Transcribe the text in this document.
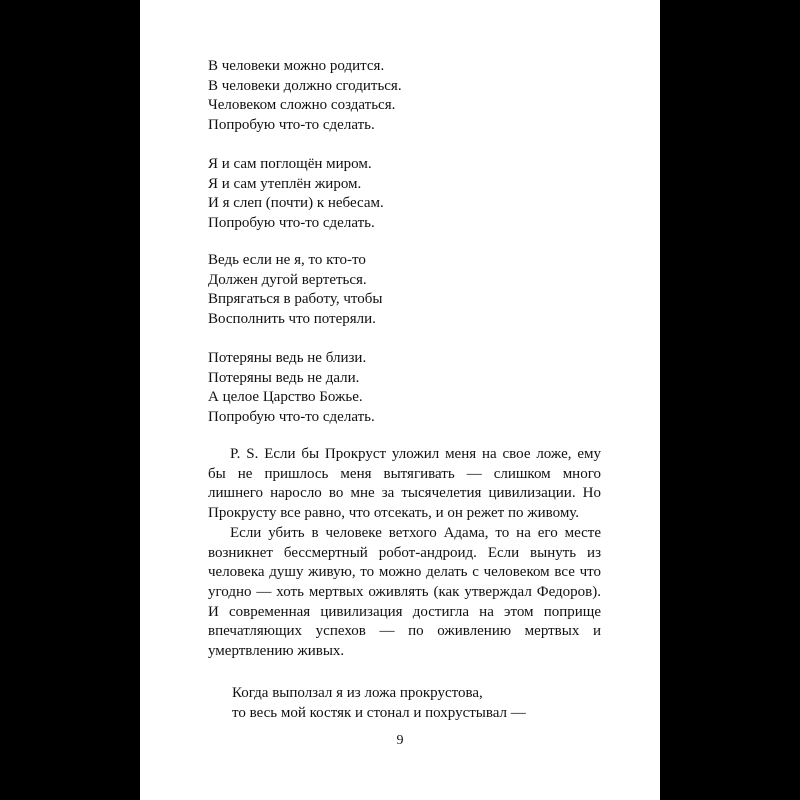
В человеки можно родится.
В человеки должно сгодиться.
Человеком сложно создаться.
Попробую что-то сделать.
Я и сам поглощён миром.
Я и сам утеплён жиром.
И я слеп (почти) к небесам.
Попробую что-то сделать.
Ведь если не я, то кто-то
Должен дугой вертеться.
Впрягаться в работу, чтобы
Восполнить что потеряли.
Потеряны ведь не близи.
Потеряны ведь не дали.
А целое Царство Божье.
Попробую что-то сделать.

P. S. Если бы Прокруст уложил меня на свое ложе, ему бы не пришлось меня вытягивать — слишком много лишнего наросло во мне за тысячелетия цивилизации. Но Прокрусту все равно, что отсекать, и он режет по живому.

Если убить в человеке ветхого Адама, то на его месте возникнет бессмертный робот-андроид. Если вынуть из человека душу живую, то можно делать с человеком все что угодно — хоть мертвых оживлять (как утверждал Федоров). И современная цивилизация достигла на этом поприще впечатляющих успехов — по оживлению мертвых и умертвлению живых.

Когда выползал я из ложа прокрустова,
то весь мой костяк и стонал и похрустывал —
9
